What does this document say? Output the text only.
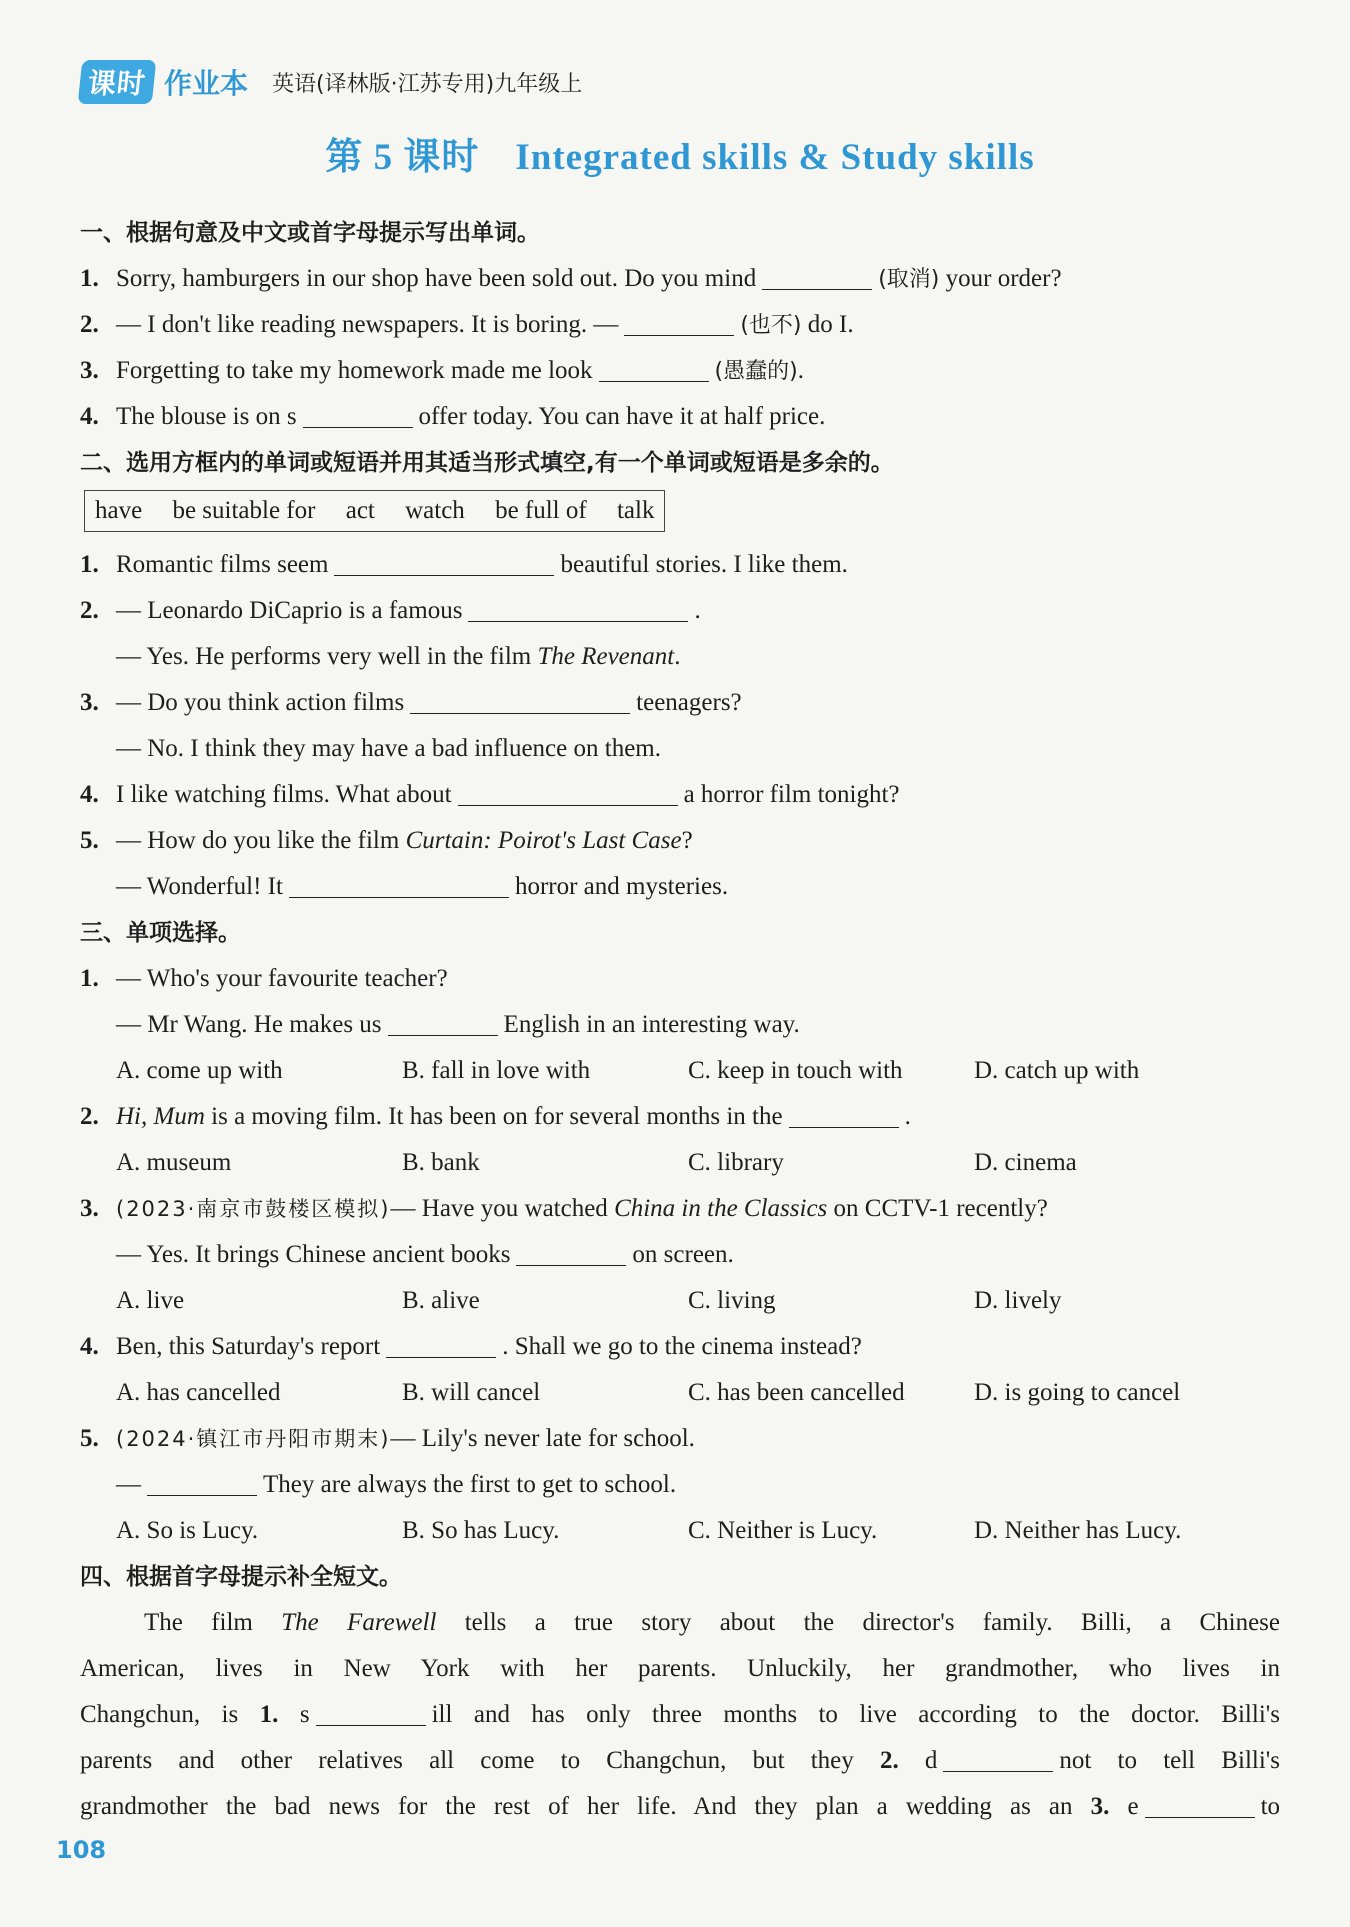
课时 作业本 英语(译林版·江苏专用)九年级上
第 5 课时 Integrated skills & Study skills
一、根据句意及中文或首字母提示写出单词。
1. Sorry, hamburgers in our shop have been sold out. Do you mind	(取消) your order?
2. — I don't like reading newspapers. It is boring. —	(也不) do I.
3. Forgetting to take my homework made me look	(愚蠢的).
4. The blouse is on s	offer today. You can have it at half price.
二、选用方框内的单词或短语并用其适当形式填空,有一个单词或短语是多余的。
have be suitable for act watch be full of talk
1. Romantic films seem	beautiful stories. I like them.
2. — Leonardo DiCaprio is a famous	.
— Yes. He performs very well in the film The Revenant.
3. — Do you think action films	teenagers?
— No. I think they may have a bad influence on them.
4. I like watching films. What about	a horror film tonight?
5. — How do you like the film Curtain: Poirot's Last Case?
— Wonderful! It	horror and mysteries.
三、单项选择。
1. — Who's your favourite teacher?
— Mr Wang. He makes us	English in an interesting way.
A. come up with	B. fall in love with	C. keep in touch with	D. catch up with
2. Hi, Mum is a moving film. It has been on for several months in the	.
A. museum	B. bank	C. library	D. cinema
3. (2023·南京市鼓楼区模拟)— Have you watched China in the Classics on CCTV-1 recently?
— Yes. It brings Chinese ancient books	on screen.
A. live	B. alive	C. living	D. lively
4. Ben, this Saturday's report	. Shall we go to the cinema instead?
A. has cancelled	B. will cancel	C. has been cancelled	D. is going to cancel
5. (2024·镇江市丹阳市期末)— Lily's never late for school.
—	They are always the first to get to school.
A. So is Lucy.	B. So has Lucy.	C. Neither is Lucy.	D. Neither has Lucy.
四、根据首字母提示补全短文。
The film The Farewell tells a true story about the director's family. Billi, a Chinese
American, lives in New York with her parents. Unluckily, her grandmother, who lives in
Changchun, is 1. s	ill and has only three months to live according to the doctor. Billi's
parents and other relatives all come to Changchun, but they 2. d	not to tell Billi's
grandmother the bad news for the rest of her life. And they plan a wedding as an 3. e	to
108
